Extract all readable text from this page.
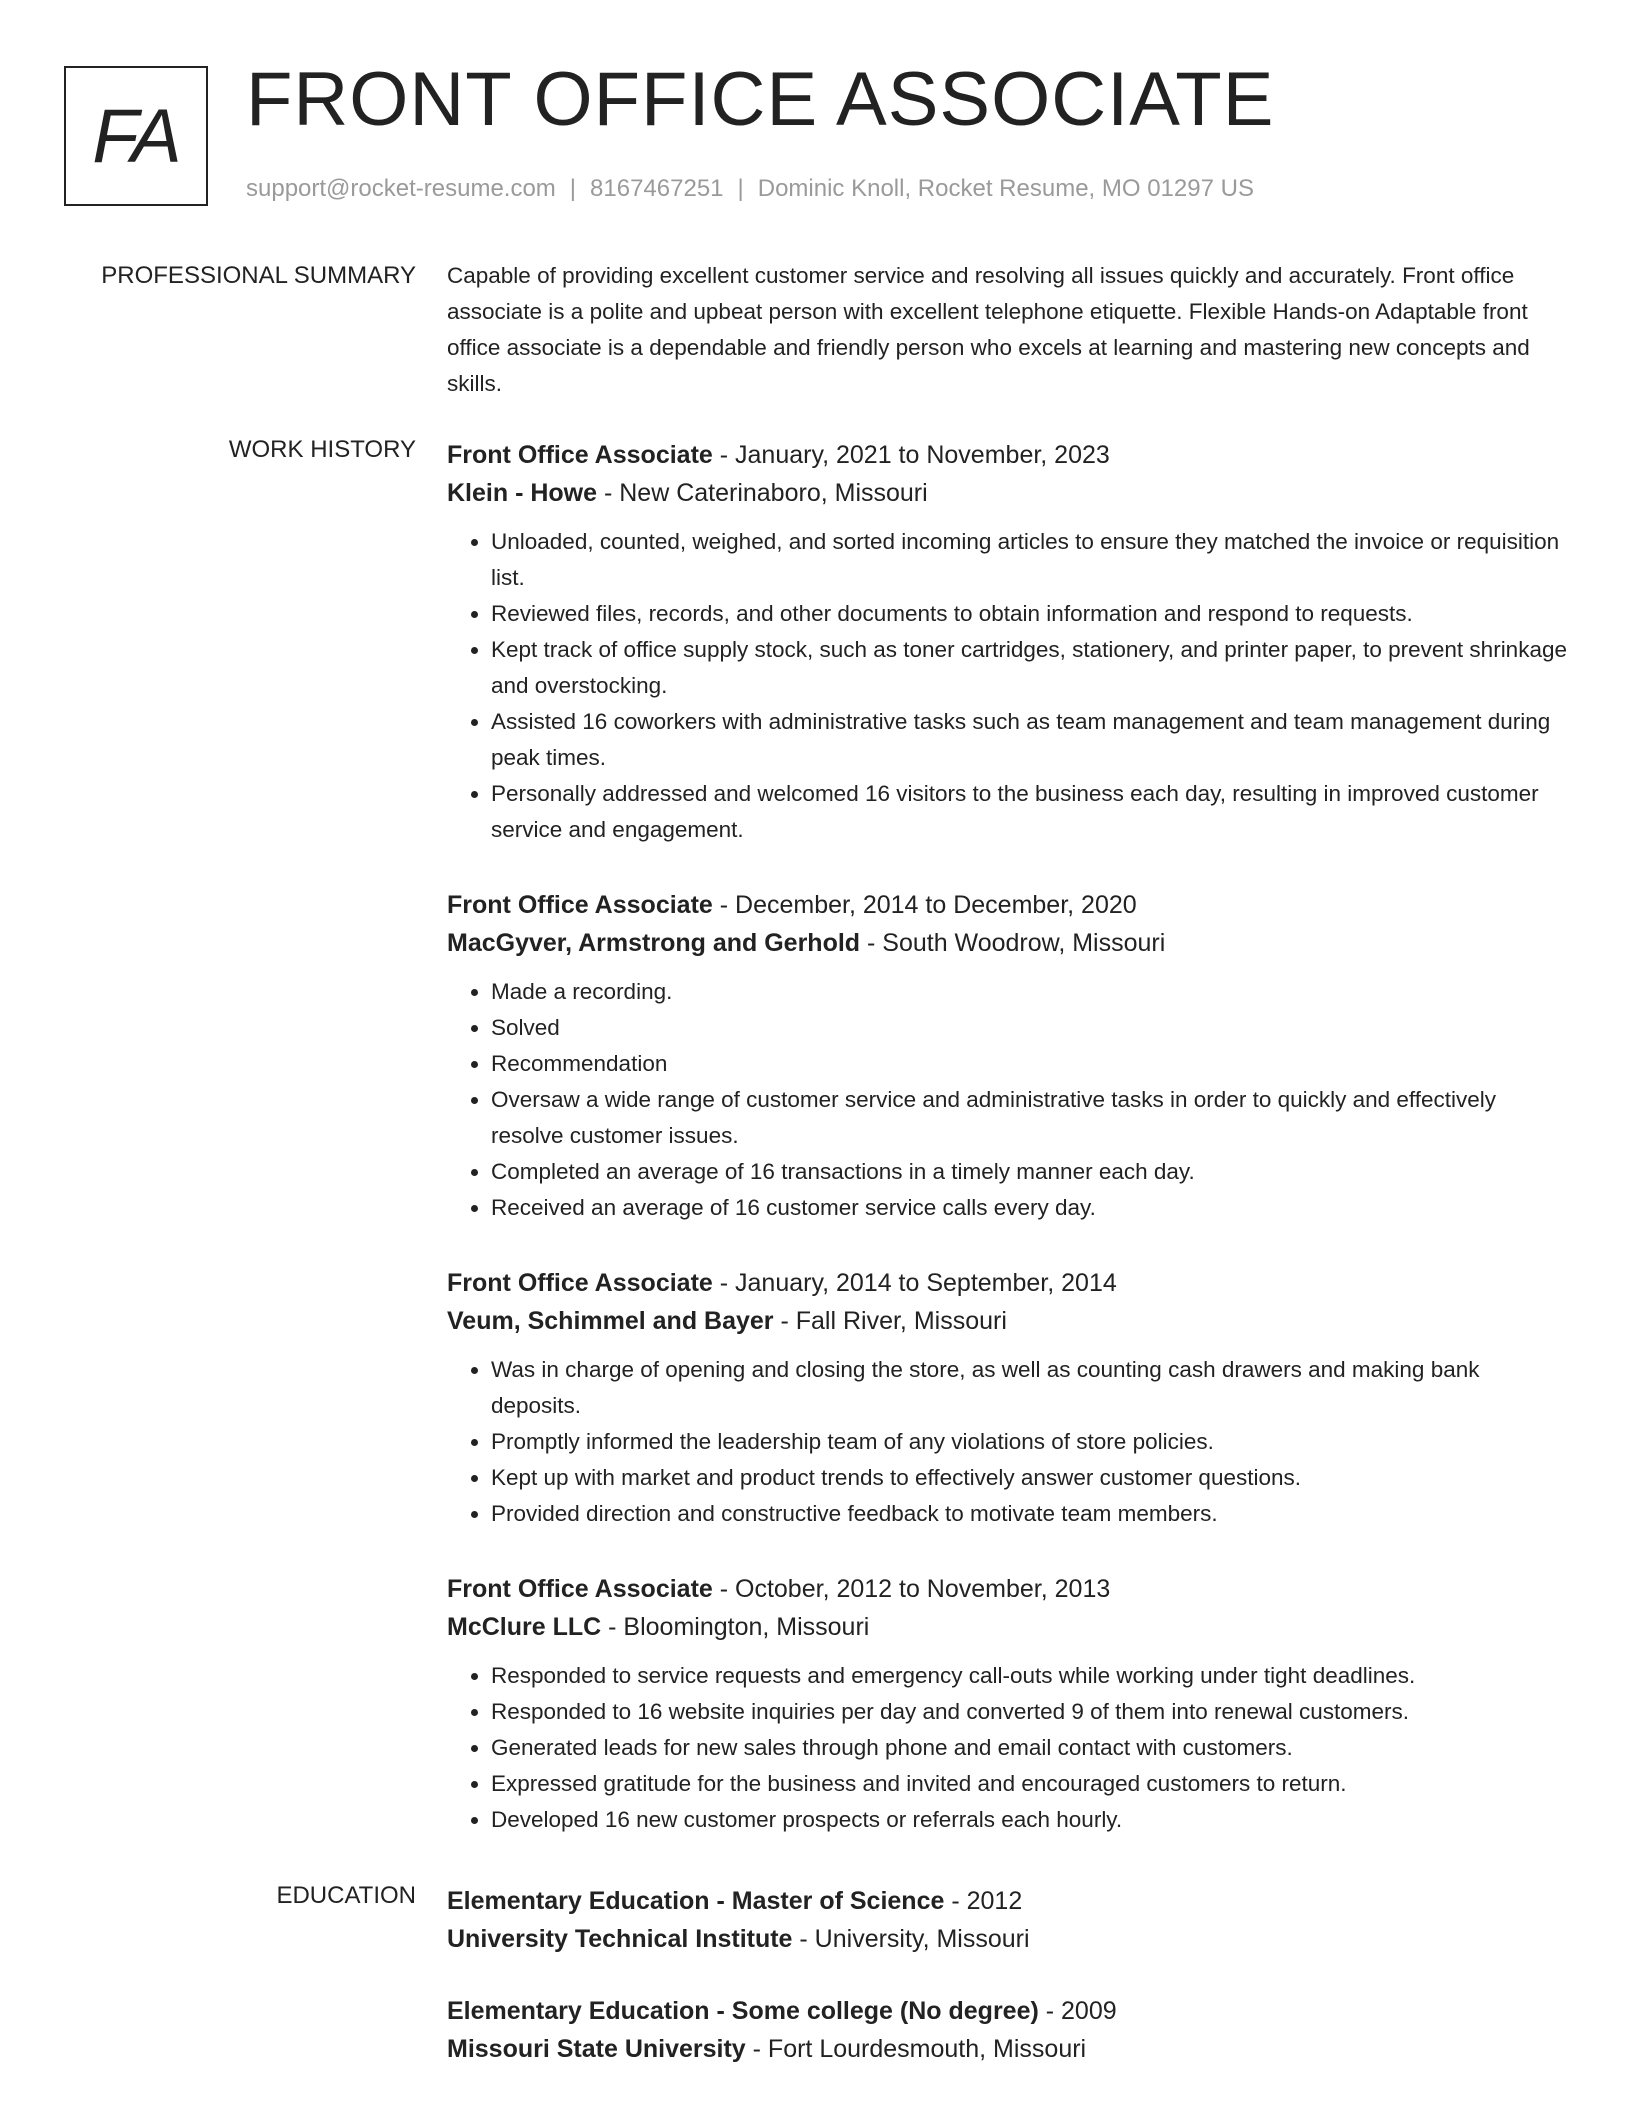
FA FRONT OFFICE ASSOCIATE
support@rocket-resume.com | 8167467251 | Dominic Knoll, Rocket Resume, MO 01297 US
PROFESSIONAL SUMMARY Capable of providing excellent customer service and resolving all issues quickly and accurately. Front office associate is a polite and upbeat person with excellent telephone etiquette. Flexible Hands-on Adaptable front office associate is a dependable and friendly person who excels at learning and mastering new concepts and skills.

WORK HISTORY Front Office Associate - January, 2021 to November, 2023
Klein - Howe - New Caterinaboro, Missouri
• Unloaded, counted, weighed, and sorted incoming articles to ensure they matched the invoice or requisition list.
• Reviewed files, records, and other documents to obtain information and respond to requests.
• Kept track of office supply stock, such as toner cartridges, stationery, and printer paper, to prevent shrinkage and overstocking.
• Assisted 16 coworkers with administrative tasks such as team management and team management during peak times.
• Personally addressed and welcomed 16 visitors to the business each day, resulting in improved customer service and engagement.
Front Office Associate - December, 2014 to December, 2020
MacGyver, Armstrong and Gerhold - South Woodrow, Missouri
• Made a recording.
• Solved
• Recommendation
• Oversaw a wide range of customer service and administrative tasks in order to quickly and effectively resolve customer issues.
• Completed an average of 16 transactions in a timely manner each day.
• Received an average of 16 customer service calls every day.
Front Office Associate - January, 2014 to September, 2014
Veum, Schimmel and Bayer - Fall River, Missouri
• Was in charge of opening and closing the store, as well as counting cash drawers and making bank deposits.
• Promptly informed the leadership team of any violations of store policies.
• Kept up with market and product trends to effectively answer customer questions.
• Provided direction and constructive feedback to motivate team members.
Front Office Associate - October, 2012 to November, 2013
McClure LLC - Bloomington, Missouri
• Responded to service requests and emergency call-outs while working under tight deadlines.
• Responded to 16 website inquiries per day and converted 9 of them into renewal customers.
• Generated leads for new sales through phone and email contact with customers.
• Expressed gratitude for the business and invited and encouraged customers to return.
• Developed 16 new customer prospects or referrals each hourly.
EDUCATION Elementary Education - Master of Science - 2012
University Technical Institute - University, Missouri
Elementary Education - Some college (No degree) - 2009
Missouri State University - Fort Lourdesmouth, Missouri
